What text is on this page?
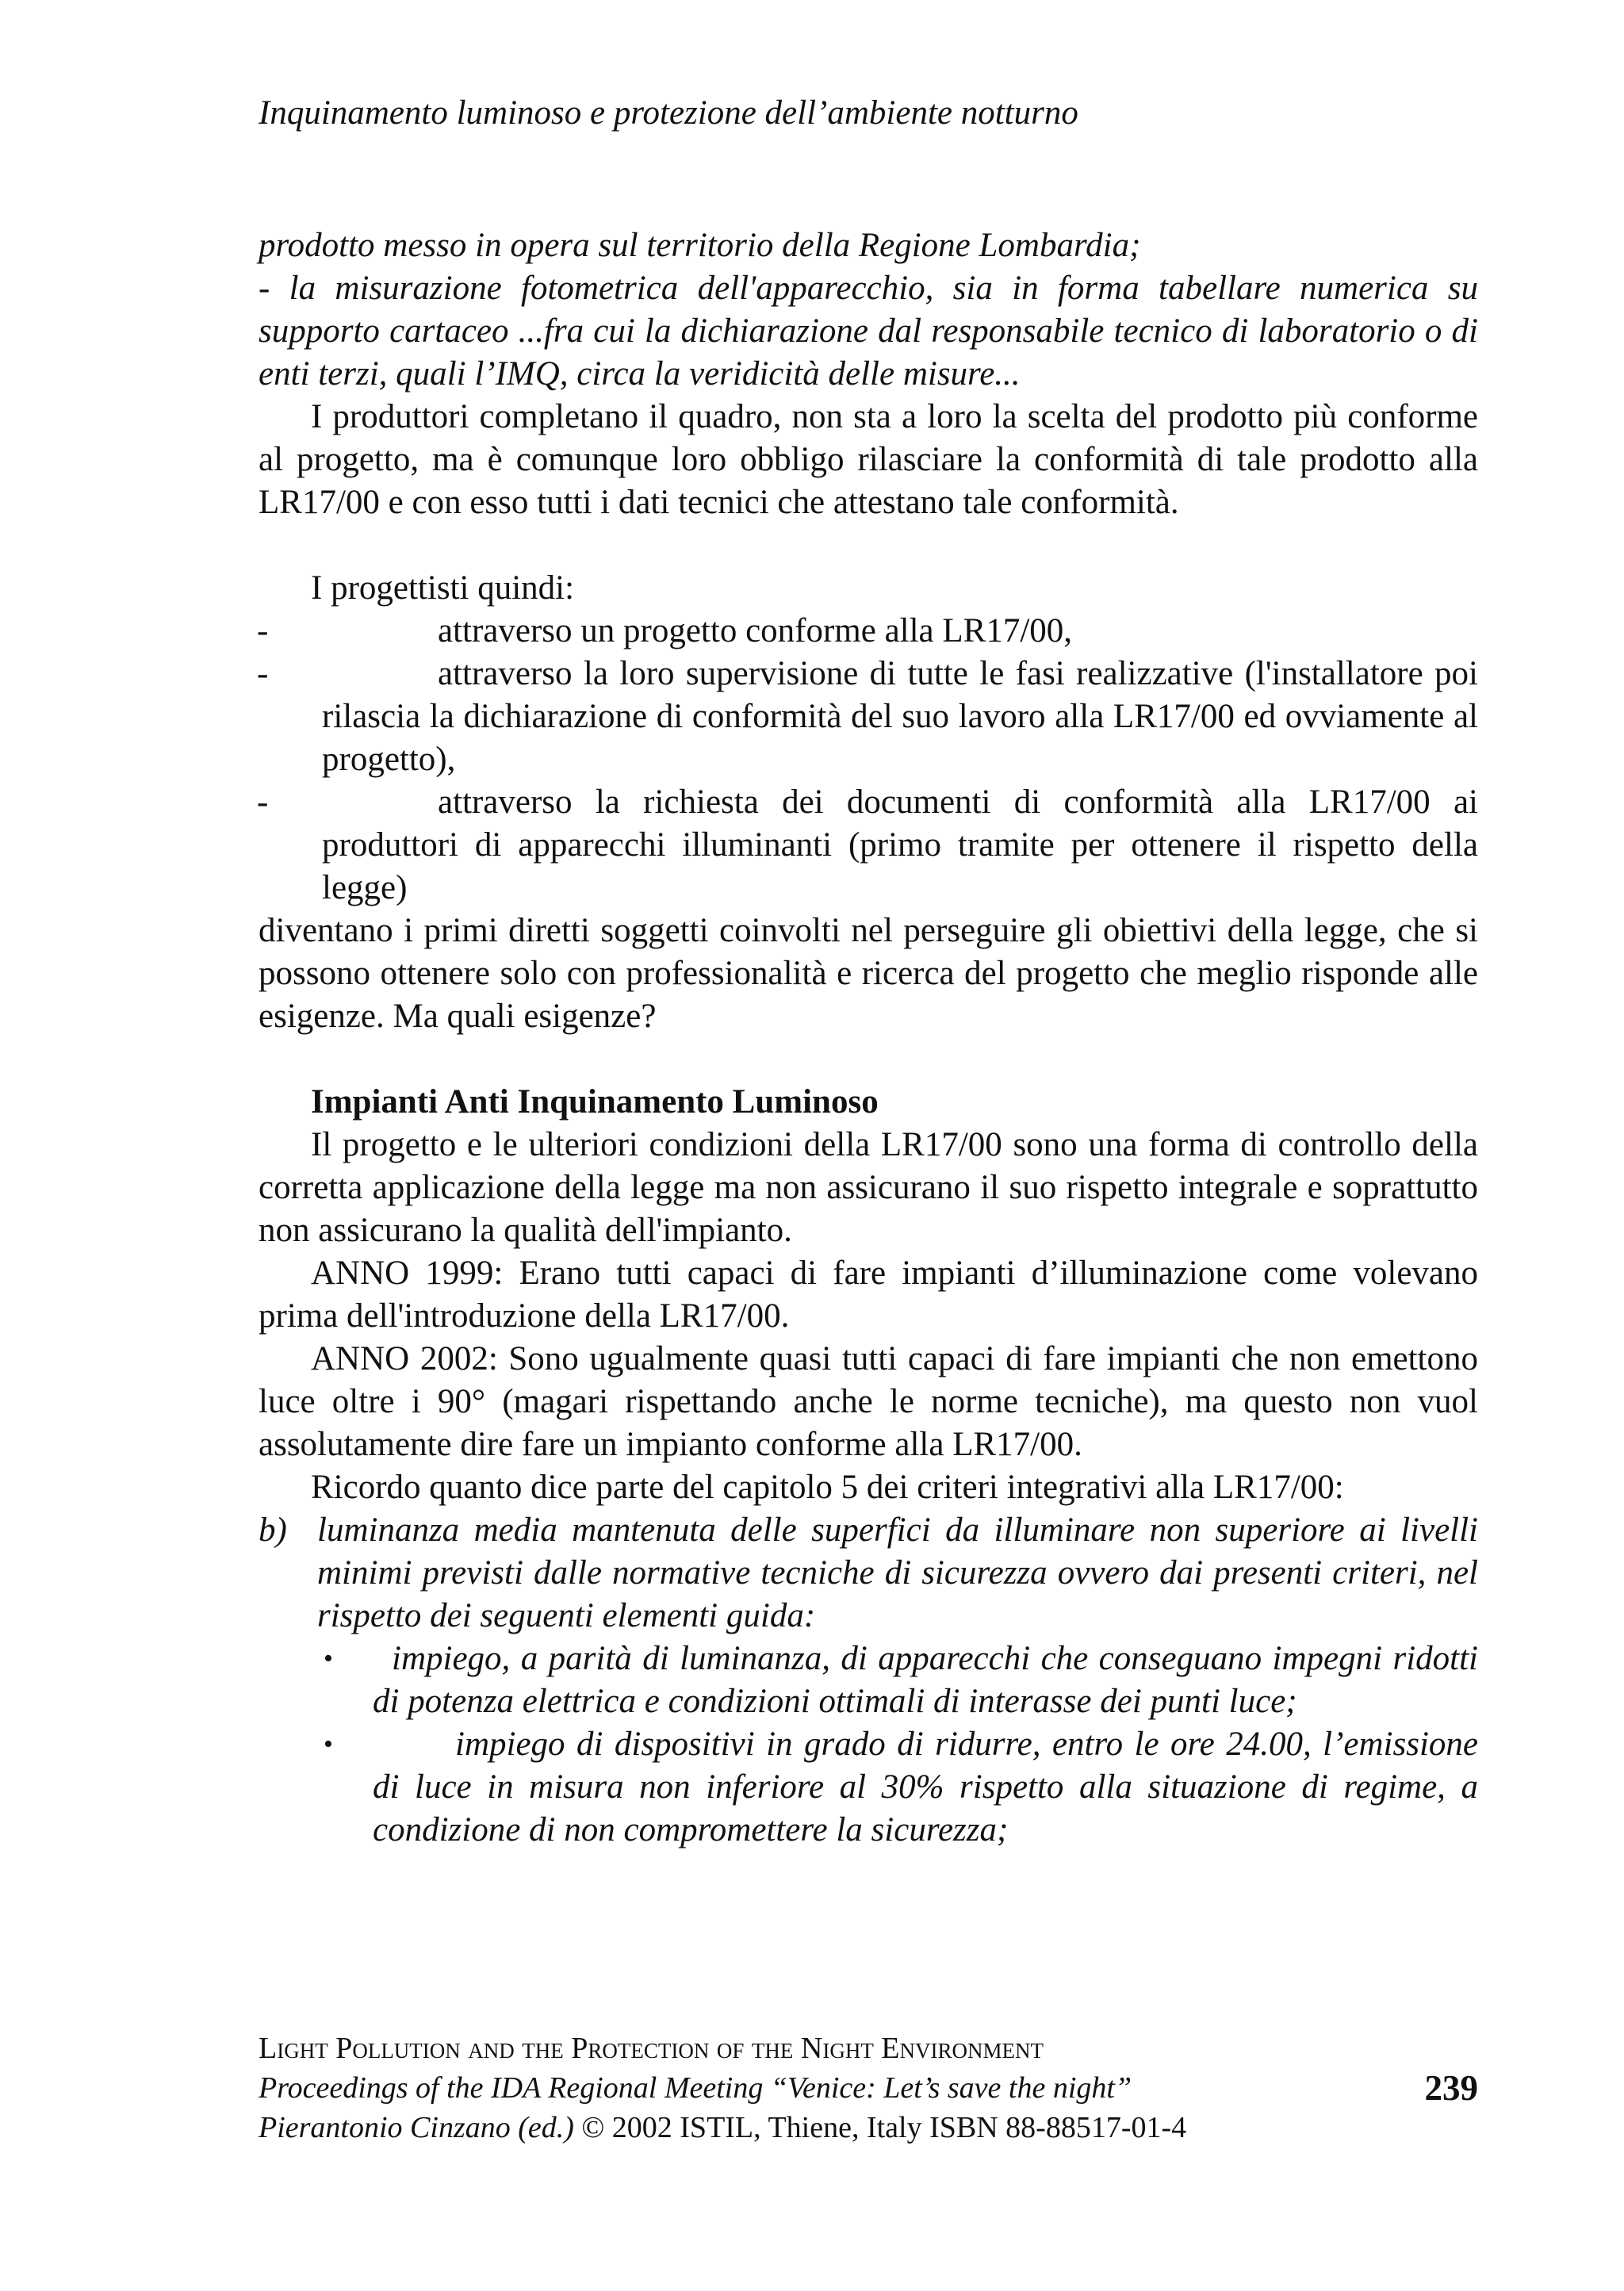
Inquinamento luminoso e protezione dell’ambiente notturno
prodotto messo in opera sul territorio della Regione Lombardia;
- la misurazione fotometrica dell'apparecchio, sia in forma tabellare numerica su supporto cartaceo ...fra cui la dichiarazione dal responsabile tecnico di laboratorio o di enti terzi, quali l’IMQ, circa la veridicità delle misure...
I produttori completano il quadro, non sta a loro la scelta del prodotto più conforme al progetto, ma è comunque loro obbligo rilasciare la conformità di tale prodotto alla LR17/00 e con esso tutti i dati tecnici che attestano tale conformità.
I progettisti quindi:
-	attraverso un progetto conforme alla LR17/00,
-	attraverso la loro supervisione di tutte le fasi realizzative (l'installatore poi rilascia la dichiarazione di conformità del suo lavoro alla LR17/00 ed ovviamente al progetto),
-	attraverso la richiesta dei documenti di conformità alla LR17/00 ai produttori di apparecchi illuminanti (primo tramite per ottenere il rispetto della legge)
diventano i primi diretti soggetti coinvolti nel perseguire gli obiettivi della legge, che si possono ottenere solo con professionalità e ricerca del progetto che meglio risponde alle esigenze. Ma quali esigenze?
Impianti Anti Inquinamento Luminoso
Il progetto e le ulteriori condizioni della LR17/00 sono una forma di controllo della corretta applicazione della legge ma non assicurano il suo rispetto integrale e soprattutto non assicurano la qualità dell'impianto.
ANNO 1999: Erano tutti capaci di fare impianti d’illuminazione come volevano prima dell'introduzione della LR17/00.
ANNO 2002: Sono ugualmente quasi tutti capaci di fare impianti che non emettono luce oltre i 90° (magari rispettando anche le norme tecniche), ma questo non vuol assolutamente dire fare un impianto conforme alla LR17/00.
Ricordo quanto dice parte del capitolo 5 dei criteri integrativi alla LR17/00:
b) luminanza media mantenuta delle superfici da illuminare non superiore ai livelli minimi previsti dalle normative tecniche di sicurezza ovvero dai presenti criteri, nel rispetto dei seguenti elementi guida:
•	impiego, a parità di luminanza, di apparecchi che conseguano impegni ridotti di potenza elettrica e condizioni ottimali di interasse dei punti luce;
•	impiego di dispositivi in grado di ridurre, entro le ore 24.00, l’emissione di luce in misura non inferiore al 30% rispetto alla situazione di regime, a condizione di non compromettere la sicurezza;
Light Pollution and the Protection of the Night Environment
Proceedings of the IDA Regional Meeting “Venice: Let’s save the night”	239
Pierantonio Cinzano (ed.) © 2002 ISTIL, Thiene, Italy ISBN 88-88517-01-4
